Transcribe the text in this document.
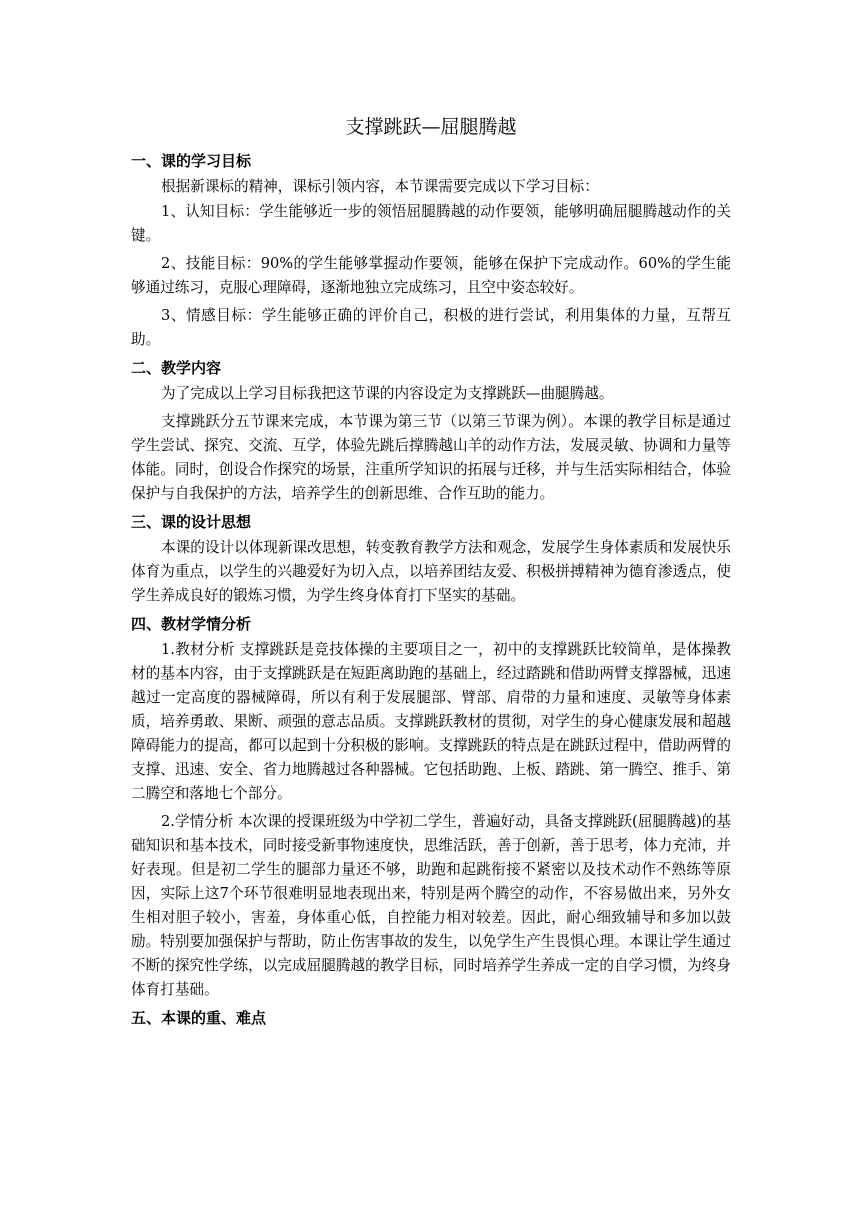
支撑跳跃—屈腿腾越
一、课的学习目标

根据新课标的精神，课标引领内容，本节课需要完成以下学习目标：

1、认知目标：学生能够近一步的领悟屈腿腾越的动作要领，能够明确屈腿腾越动作的关键。

2、技能目标：90%的学生能够掌握动作要领，能够在保护下完成动作。60%的学生能够通过练习，克服心理障碍，逐渐地独立完成练习，且空中姿态较好。

3、情感目标：学生能够正确的评价自己，积极的进行尝试，利用集体的力量，互帮互助。

二、教学内容

为了完成以上学习目标我把这节课的内容设定为支撑跳跃—曲腿腾越。

支撑跳跃分五节课来完成，本节课为第三节（以第三节课为例）。本课的教学目标是通过学生尝试、探究、交流、互学，体验先跳后撑腾越山羊的动作方法，发展灵敏、协调和力量等体能。同时，创设合作探究的场景，注重所学知识的拓展与迁移，并与生活实际相结合，体验保护与自我保护的方法，培养学生的创新思维、合作互助的能力。

三、课的设计思想

本课的设计以体现新课改思想，转变教育教学方法和观念，发展学生身体素质和发展快乐体育为重点，以学生的兴趣爱好为切入点，以培养团结友爱、积极拼搏精神为德育渗透点，使学生养成良好的锻炼习惯，为学生终身体育打下坚实的基础。

四、教材学情分析

1.教材分析 支撑跳跃是竞技体操的主要项目之一，初中的支撑跳跃比较简单，是体操教材的基本内容，由于支撑跳跃是在短距离助跑的基础上，经过踏跳和借助两臂支撑器械，迅速越过一定高度的器械障碍，所以有利于发展腿部、臂部、肩带的力量和速度、灵敏等身体素质，培养勇敢、果断、顽强的意志品质。支撑跳跃教材的贯彻，对学生的身心健康发展和超越障碍能力的提高，都可以起到十分积极的影响。支撑跳跃的特点是在跳跃过程中，借助两臂的支撑、迅速、安全、省力地腾越过各种器械。它包括助跑、上板、踏跳、第一腾空、推手、第二腾空和落地七个部分。

2.学情分析 本次课的授课班级为中学初二学生，普遍好动，具备支撑跳跃(屈腿腾越)的基础知识和基本技术，同时接受新事物速度快，思维活跃，善于创新，善于思考，体力充沛，并好表现。但是初二学生的腿部力量还不够，助跑和起跳衔接不紧密以及技术动作不熟练等原因，实际上这7个环节很难明显地表现出来，特别是两个腾空的动作，不容易做出来，另外女生相对胆子较小，害羞，身体重心低，自控能力相对较差。因此，耐心细致辅导和多加以鼓励。特别要加强保护与帮助，防止伤害事故的发生，以免学生产生畏惧心理。本课让学生通过不断的探究性学练，以完成屈腿腾越的教学目标，同时培养学生养成一定的自学习惯，为终身体育打基础。

五、本课的重、难点
